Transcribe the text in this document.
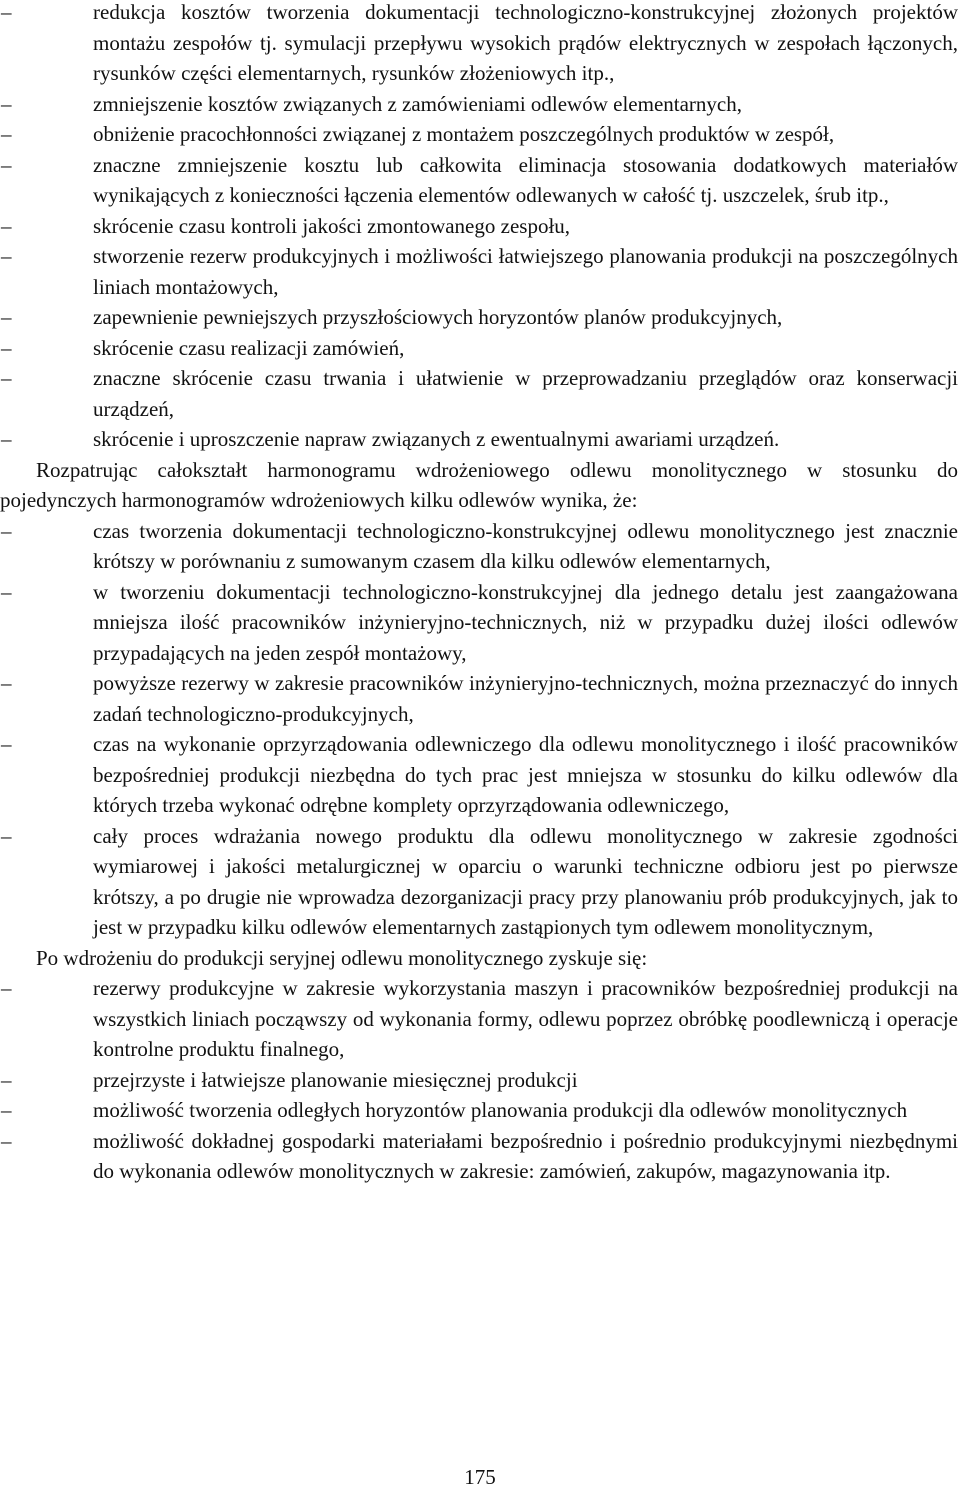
–	redukcja kosztów tworzenia dokumentacji technologiczno-konstrukcyjnej złożonych projektów montażu zespołów tj. symulacji przepływu wysokich prądów elektrycznych w zespołach łączonych, rysunków części elementarnych, rysunków złożeniowych itp.,

–	zmniejszenie kosztów związanych z zamówieniami odlewów elementarnych,

–	obniżenie pracochłonności związanej z montażem poszczególnych produktów w zespół,

–	znaczne zmniejszenie kosztu lub całkowita eliminacja stosowania dodatkowych materiałów wynikających z konieczności łączenia elementów odlewanych w całość tj. uszczelek, śrub itp.,

–	skrócenie czasu kontroli jakości zmontowanego zespołu,

–	stworzenie rezerw produkcyjnych i możliwości łatwiejszego planowania produkcji na poszczególnych liniach montażowych,

–	zapewnienie pewniejszych przyszłościowych horyzontów planów produkcyjnych,

–	skrócenie czasu realizacji zamówień,

–	znaczne skrócenie czasu trwania i ułatwienie w przeprowadzaniu przeglądów oraz konserwacji urządzeń,

–	skrócenie i uproszczenie napraw związanych z ewentualnymi awariami urządzeń.

Rozpatrując całokształt harmonogramu wdrożeniowego odlewu monolitycznego w stosunku do pojedynczych harmonogramów wdrożeniowych kilku odlewów wynika, że:

–	czas tworzenia dokumentacji technologiczno-konstrukcyjnej odlewu monolitycznego jest znacznie krótszy w porównaniu z sumowanym czasem dla kilku odlewów elementarnych,

–	w tworzeniu dokumentacji technologiczno-konstrukcyjnej dla jednego detalu jest zaangażowana mniejsza ilość pracowników inżynieryjno-technicznych, niż w przypadku dużej ilości odlewów przypadających na jeden zespół montażowy,

–	powyższe rezerwy w zakresie pracowników inżynieryjno-technicznych, można przeznaczyć do innych zadań technologiczno-produkcyjnych,

–	czas na wykonanie oprzyrządowania odlewniczego dla odlewu monolitycznego i ilość pracowników bezpośredniej produkcji niezbędna do tych prac jest mniejsza w stosunku do kilku odlewów dla których trzeba wykonać odrębne komplety oprzyrządowania odlewniczego,

–	cały proces wdrażania nowego produktu dla odlewu monolitycznego w zakresie zgodności wymiarowej i jakości metalurgicznej w oparciu o warunki techniczne odbioru jest po pierwsze krótszy, a po drugie nie wprowadza dezorganizacji pracy przy planowaniu prób produkcyjnych, jak to jest w przypadku kilku odlewów elementarnych zastąpionych tym odlewem monolitycznym,

Po wdrożeniu do produkcji seryjnej odlewu monolitycznego zyskuje się:

–	rezerwy produkcyjne w zakresie wykorzystania maszyn i pracowników bezpośredniej produkcji na wszystkich liniach począwszy od wykonania formy, odlewu poprzez obróbkę poodlewniczą i operacje kontrolne produktu finalnego,

–	przejrzyste i łatwiejsze planowanie miesięcznej produkcji

–	możliwość tworzenia odległych horyzontów planowania produkcji dla odlewów monolitycznych

–	możliwość dokładnej gospodarki materiałami bezpośrednio i pośrednio produkcyjnymi niezbędnymi do wykonania odlewów monolitycznych w zakresie: zamówień, zakupów, magazynowania itp.

175
